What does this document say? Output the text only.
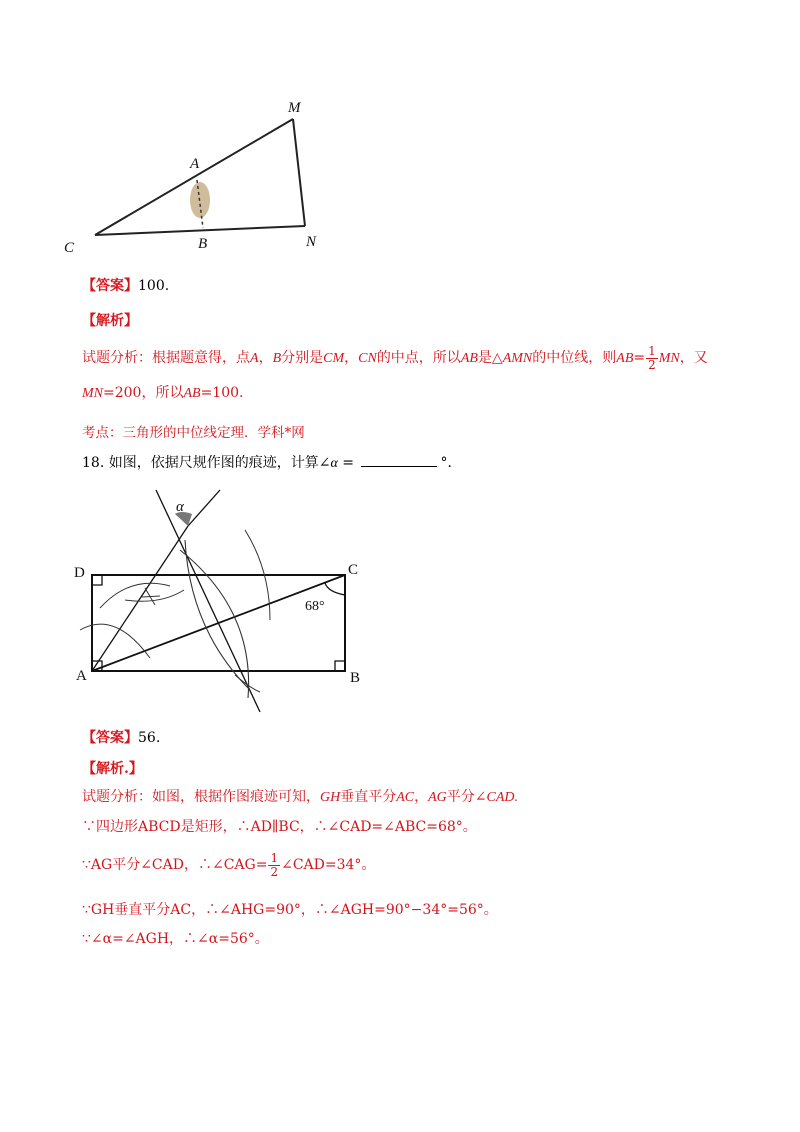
M
A
C	B	N
【答案】100.
【解析】
试题分析：根据题意得，点A，B分别是CM，CN的中点，所以AB是△AMN的中位线，则$AB= \frac{1}{2}$ MN，又
MN=200，所以AB=100.
考点：三角形的中位线定理．学科*网
18. 如图，依据尺规作图的痕迹，计算∠α =	°．
D	C
A	B
68°
α
【答案】56.
【解析.】
试题分析：如图，根据作图痕迹可知，GH垂直平分AC，AG平分∠CAD.
∵四边形ABCD是矩形，∴AD∥BC，∴∠CAD=∠ABC=68°。
∵AG平分∠CAD，∴∠CAG= $\frac{1}{2}$ ∠CAD=34°。
∵GH垂直平分AC，∴∠AHG=90°，∴∠AGH=90°−34°=56°。
∵∠α=∠AGH，∴∠α=56°。
